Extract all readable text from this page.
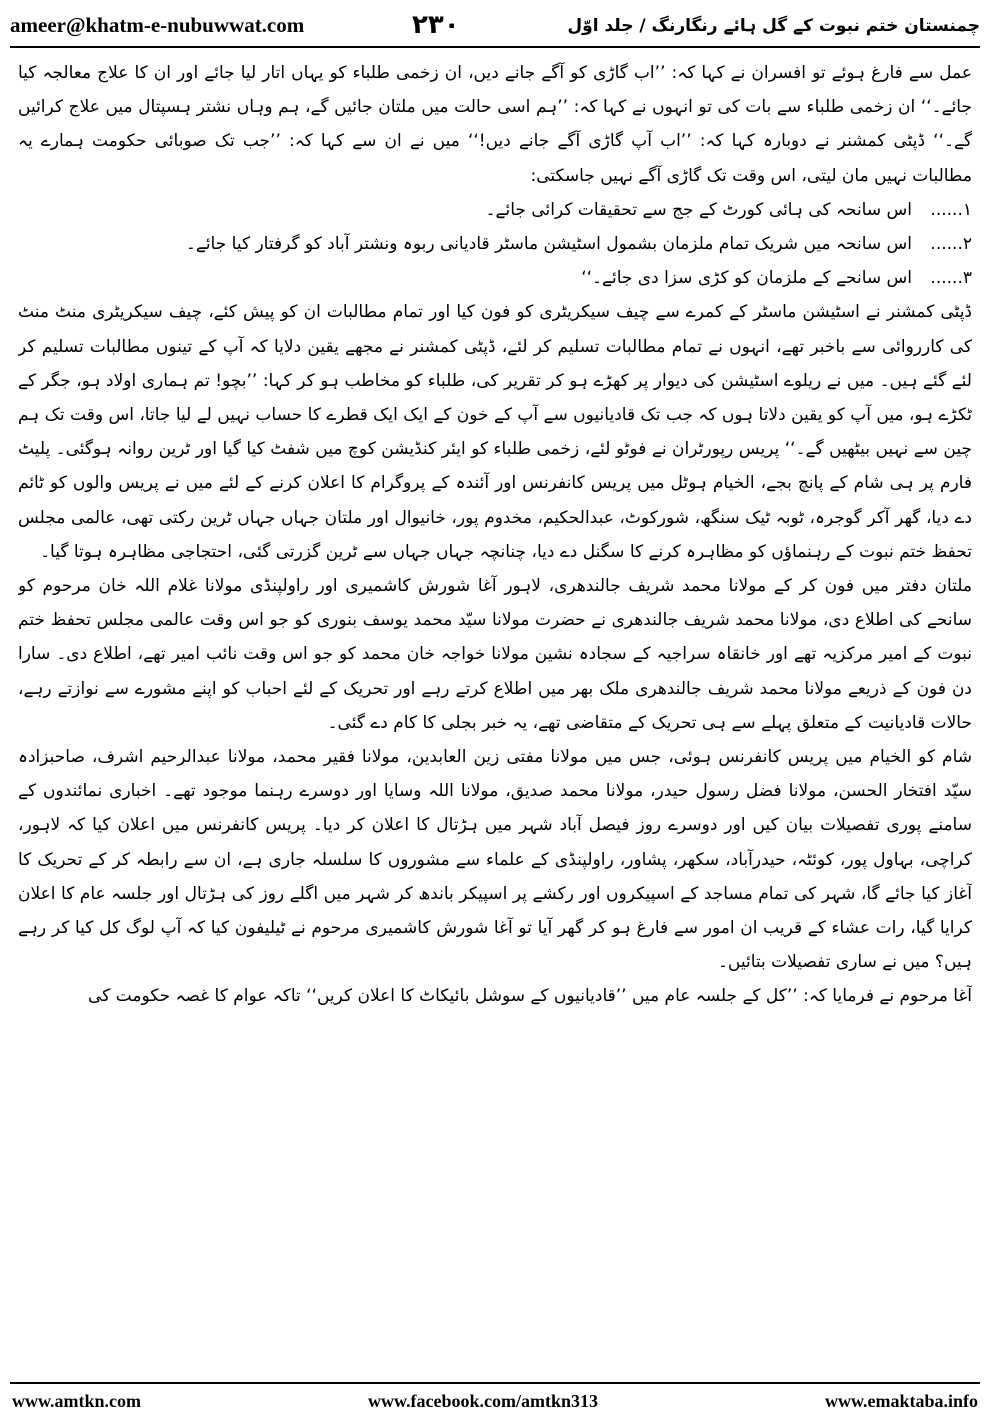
ameer@khatm-e-nubuwwat.com	۲۳۰	چمنستان ختم نبوت کے گل ہائے رنگارنگ / جلد اوّل

عمل سے فارغ ہوئے تو افسران نے کہا کہ: ’’اب گاڑی کو آگے جانے دیں، ان زخمی طلباء کو یہاں اتار لیا جائے اور ان کا علاج معالجہ کیا جائے۔‘‘ ان زخمی طلباء سے بات کی تو انہوں نے کہا کہ: ’’ہم اسی حالت میں ملتان جائیں گے، ہم وہاں نشتر ہسپتال میں علاج کرائیں گے۔‘‘ ڈپٹی کمشنر نے دوبارہ کہا کہ: ’’اب آپ گاڑی آگے جانے دیں!‘‘ میں نے ان سے کہا کہ: ’’جب تک صوبائی حکومت ہمارے یہ مطالبات نہیں مان لیتی، اس وقت تک گاڑی آگے نہیں جاسکتی:

۱......
اس سانحہ کی ہائی کورٹ کے جج سے تحقیقات کرائی جائے۔
۲......
اس سانحہ میں شریک تمام ملزمان بشمول اسٹیشن ماسٹر قادیانی ربوہ ونشتر آباد کو گرفتار کیا جائے۔
۳......
اس سانحے کے ملزمان کو کڑی سزا دی جائے۔‘‘

ڈپٹی کمشنر نے اسٹیشن ماسٹر کے کمرے سے چیف سیکریٹری کو فون کیا اور تمام مطالبات ان کو پیش کئے، چیف سیکریٹری منٹ منٹ کی کارروائی سے باخبر تھے، انہوں نے تمام مطالبات تسلیم کر لئے، ڈپٹی کمشنر نے مجھے یقین دلایا کہ آپ کے تینوں مطالبات تسلیم کر لئے گئے ہیں۔ میں نے ریلوے اسٹیشن کی دیوار پر کھڑے ہو کر تقریر کی، طلباء کو مخاطب ہو کر کہا: ’’بچو! تم ہماری اولاد ہو، جگر کے ٹکڑے ہو، میں آپ کو یقین دلاتا ہوں کہ جب تک قادیانیوں سے آپ کے خون کے ایک ایک قطرے کا حساب نہیں لے لیا جاتا، اس وقت تک ہم چین سے نہیں بیٹھیں گے۔‘‘ پریس رپورٹران نے فوٹو لئے، زخمی طلباء کو ایئر کنڈیشن کوچ میں شفٹ کیا گیا اور ٹرین روانہ ہوگئی۔ پلیٹ فارم پر ہی شام کے پانچ بجے، الخیام ہوٹل میں پریس کانفرنس اور آئندہ کے پروگرام کا اعلان کرنے کے لئے میں نے پریس والوں کو ٹائم دے دیا، گھر آکر گوجرہ، ٹوبہ ٹیک سنگھ، شورکوٹ، عبدالحکیم، مخدوم پور، خانیوال اور ملتان جہاں جہاں ٹرین رکتی تھی، عالمی مجلس تحفظ ختم نبوت کے رہنماؤں کو مظاہرہ کرنے کا سگنل دے دیا، چنانچہ جہاں جہاں سے ٹرین گزرتی گئی، احتجاجی مظاہرہ ہوتا گیا۔

ملتان دفتر میں فون کر کے مولانا محمد شریف جالندھری، لاہور آغا شورش کاشمیری اور راولپنڈی مولانا غلام اللہ خان مرحوم کو سانحے کی اطلاع دی، مولانا محمد شریف جالندھری نے حضرت مولانا سیّد محمد یوسف بنوری کو جو اس وقت عالمی مجلس تحفظ ختم نبوت کے امیر مرکزیہ تھے اور خانقاہ سراجیہ کے سجادہ نشین مولانا خواجہ خان محمد کو جو اس وقت نائب امیر تھے، اطلاع دی۔ سارا دن فون کے ذریعے مولانا محمد شریف جالندھری ملک بھر میں اطلاع کرتے رہے اور تحریک کے لئے احباب کو اپنے مشورے سے نوازتے رہے، حالات قادیانیت کے متعلق پہلے سے ہی تحریک کے متقاضی تھے، یہ خبر بجلی کا کام دے گئی۔

شام کو الخیام میں پریس کانفرنس ہوئی، جس میں مولانا مفتی زین العابدین، مولانا فقیر محمد، مولانا عبدالرحیم اشرف، صاحبزادہ سیّد افتخار الحسن، مولانا فضل رسول حیدر، مولانا محمد صدیق، مولانا اللہ وسایا اور دوسرے رہنما موجود تھے۔ اخباری نمائندوں کے سامنے پوری تفصیلات بیان کیں اور دوسرے روز فیصل آباد شہر میں ہڑتال کا اعلان کر دیا۔ پریس کانفرنس میں اعلان کیا کہ لاہور، کراچی، بہاول پور، کوئٹہ، حیدرآباد، سکھر، پشاور، راولپنڈی کے علماء سے مشوروں کا سلسلہ جاری ہے، ان سے رابطہ کر کے تحریک کا آغاز کیا جائے گا، شہر کی تمام مساجد کے اسپیکروں اور رکشے پر اسپیکر باندھ کر شہر میں اگلے روز کی ہڑتال اور جلسہ عام کا اعلان کرایا گیا، رات عشاء کے قریب ان امور سے فارغ ہو کر گھر آیا تو آغا شورش کاشمیری مرحوم نے ٹیلیفون کیا کہ آپ لوگ کل کیا کر رہے ہیں؟ میں نے ساری تفصیلات بتائیں۔

آغا مرحوم نے فرمایا کہ: ’’کل کے جلسہ عام میں ’’قادیانیوں کے سوشل بائیکاٹ کا اعلان کریں‘‘ تاکہ عوام کا غصہ حکومت کی

www.amtkn.com	www.facebook.com/amtkn313	www.emaktaba.info
